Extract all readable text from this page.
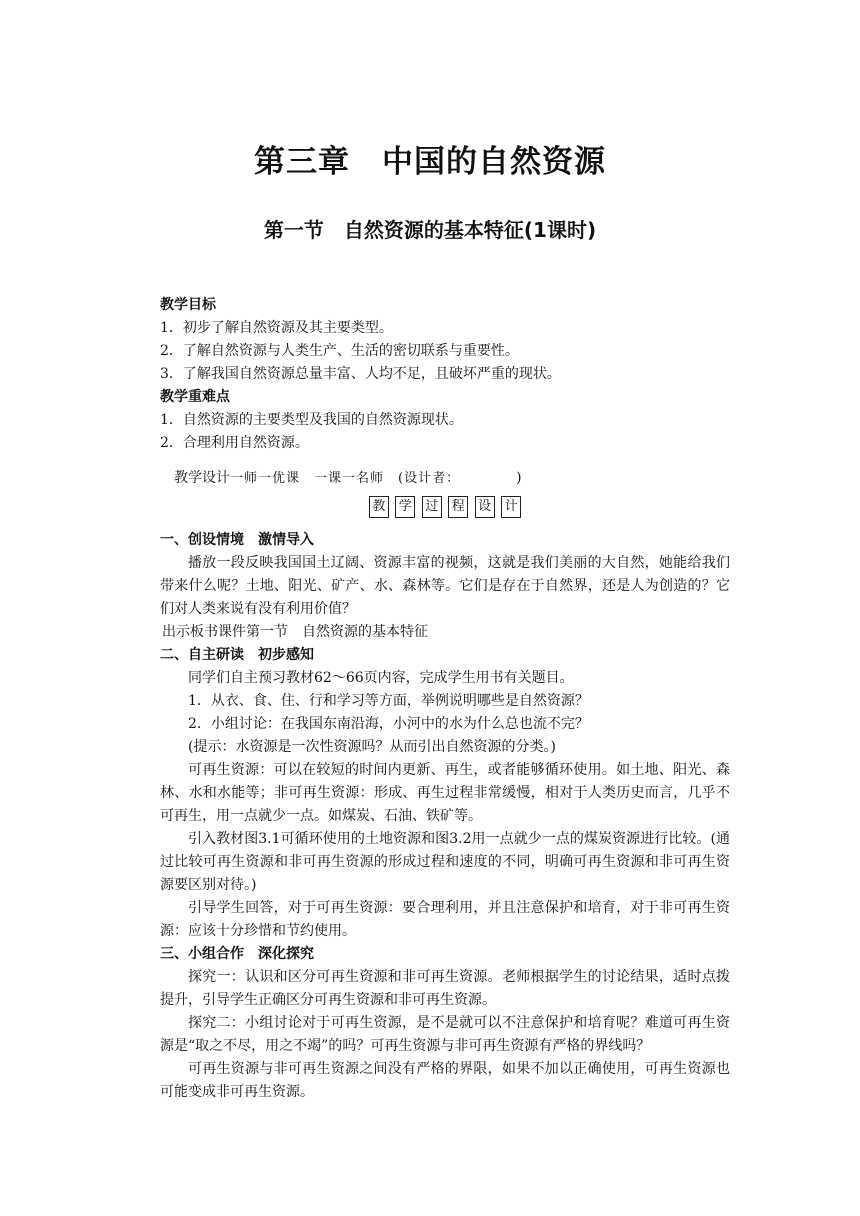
第三章　中国的自然资源
第一节　自然资源的基本特征(1课时)
教学目标
1．初步了解自然资源及其主要类型。
2．了解自然资源与人类生产、生活的密切联系与重要性。
3．了解我国自然资源总量丰富、人均不足，且破坏严重的现状。
教学重难点
1．自然资源的主要类型及我国的自然资源现状。
2．合理利用自然资源。
教学设计一师一优课　一课一名师　(设计者：	)
教 学 过 程 设 计
一、创设情境　激情导入
播放一段反映我国国土辽阔、资源丰富的视频，这就是我们美丽的大自然，她能给我们带来什么呢？土地、阳光、矿产、水、森林等。它们是存在于自然界，还是人为创造的？它们对人类来说有没有利用价值？
出示板书课件第一节　自然资源的基本特征
二、自主研读　初步感知
同学们自主预习教材62～66页内容，完成学生用书有关题目。
1．从衣、食、住、行和学习等方面，举例说明哪些是自然资源？
2．小组讨论：在我国东南沿海，小河中的水为什么总也流不完？
(提示：水资源是一次性资源吗？从而引出自然资源的分类。)
可再生资源：可以在较短的时间内更新、再生，或者能够循环使用。如土地、阳光、森林、水和水能等；非可再生资源：形成、再生过程非常缓慢，相对于人类历史而言，几乎不可再生，用一点就少一点。如煤炭、石油、铁矿等。
引入教材图3.1可循环使用的土地资源和图3.2用一点就少一点的煤炭资源进行比较。(通过比较可再生资源和非可再生资源的形成过程和速度的不同，明确可再生资源和非可再生资源要区别对待。)
引导学生回答，对于可再生资源：要合理利用，并且注意保护和培育，对于非可再生资源：应该十分珍惜和节约使用。
三、小组合作　深化探究
探究一：认识和区分可再生资源和非可再生资源。老师根据学生的讨论结果，适时点拨提升，引导学生正确区分可再生资源和非可再生资源。
探究二：小组讨论对于可再生资源，是不是就可以不注意保护和培育呢？难道可再生资源是“取之不尽，用之不竭”的吗？可再生资源与非可再生资源有严格的界线吗？
可再生资源与非可再生资源之间没有严格的界限，如果不加以正确使用，可再生资源也可能变成非可再生资源。
